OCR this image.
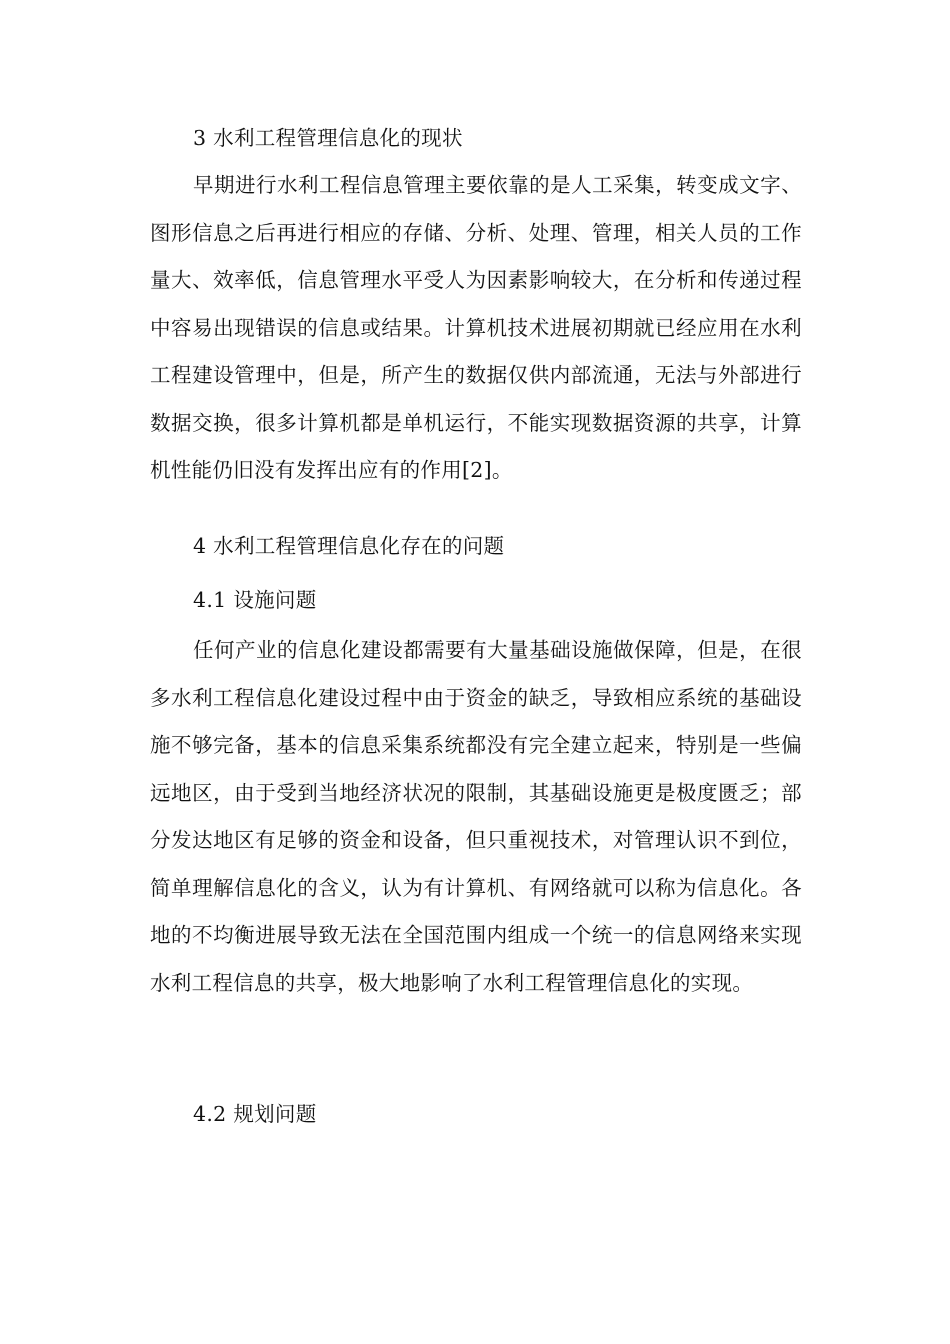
3 水利工程管理信息化的现状

早期进行水利工程信息管理主要依靠的是人工采集，转变成文字、图形信息之后再进行相应的存储、分析、处理、管理，相关人员的工作量大、效率低，信息管理水平受人为因素影响较大，在分析和传递过程中容易出现错误的信息或结果。计算机技术进展初期就已经应用在水利工程建设管理中，但是，所产生的数据仅供内部流通，无法与外部进行数据交换，很多计算机都是单机运行，不能实现数据资源的共享，计算机性能仍旧没有发挥出应有的作用[2]。

4 水利工程管理信息化存在的问题

4.1 设施问题

任何产业的信息化建设都需要有大量基础设施做保障，但是，在很多水利工程信息化建设过程中由于资金的缺乏，导致相应系统的基础设施不够完备，基本的信息采集系统都没有完全建立起来，特别是一些偏远地区，由于受到当地经济状况的限制，其基础设施更是极度匮乏；部分发达地区有足够的资金和设备，但只重视技术，对管理认识不到位，简单理解信息化的含义，认为有计算机、有网络就可以称为信息化。各地的不均衡进展导致无法在全国范围内组成一个统一的信息网络来实现水利工程信息的共享，极大地影响了水利工程管理信息化的实现。

4.2 规划问题
